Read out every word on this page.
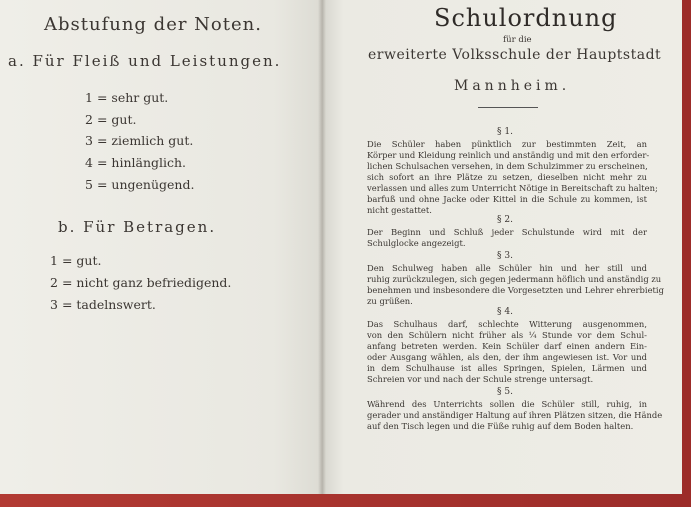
Abstufung der Noten.
a. Für Fleiß und Leistungen.
1 = sehr gut.
2 = gut.
3 = ziemlich gut.
4 = hinlänglich.
5 = ungenügend.
b. Für Betragen.
1 = gut.
2 = nicht ganz befriedigend.
3 = tadelnswert.
Schulordnung
für die
erweiterte Volksschule der Hauptstadt
Mannheim.
§ 1.
Die Schüler haben pünktlich zur bestimmten Zeit, an
Körper und Kleidung reinlich und anständig und mit den erforder-
lichen Schulsachen versehen, in dem Schulzimmer zu erscheinen,
sich sofort an ihre Plätze zu setzen, dieselben nicht mehr zu
verlassen und alles zum Unterricht Nötige in Bereitschaft zu halten;
barfuß und ohne Jacke oder Kittel in die Schule zu kommen, ist
nicht gestattet.
§ 2.
Der Beginn und Schluß jeder Schulstunde wird mit der
Schulglocke angezeigt.
§ 3.
Den Schulweg haben alle Schüler hin und her still und
ruhig zurückzulegen, sich gegen jedermann höflich und anständig zu
benehmen und insbesondere die Vorgesetzten und Lehrer ehrerbietig
zu grüßen.
§ 4.
Das Schulhaus darf, schlechte Witterung ausgenommen,
von den Schülern nicht früher als ¼ Stunde vor dem Schul-
anfang betreten werden. Kein Schüler darf einen andern Ein-
oder Ausgang wählen, als den, der ihm angewiesen ist. Vor und
in dem Schulhause ist alles Springen, Spielen, Lärmen und
Schreien vor und nach der Schule strenge untersagt.
§ 5.
Während des Unterrichts sollen die Schüler still, ruhig, in
gerader und anständiger Haltung auf ihren Plätzen sitzen, die Hände
auf den Tisch legen und die Füße ruhig auf dem Boden halten.
